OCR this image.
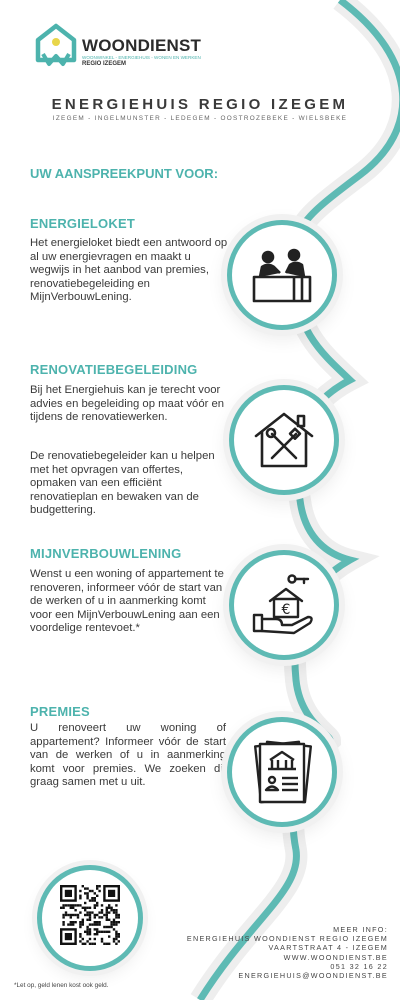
WOONDIENST
WOONWINKEL - ENERGIEHUIS - WONEN EN WERKEN
REGIO IZEGEM
ENERGIEHUIS REGIO IZEGEM
IZEGEM - INGELMUNSTER - LEDEGEM - OOSTROZEBEKE - WIELSBEKE
UW AANSPREEKPUNT VOOR:
ENERGIELOKET
Het energieloket biedt een antwoord op al uw energievragen en maakt u wegwijs in het aanbod van premies, renovatiebegeleiding en MijnVerbouwLening.
RENOVATIEBEGELEIDING
Bij het Energiehuis kan je terecht voor advies en begeleiding op maat vóór en tijdens de renovatiewerken.
De renovatiebegeleider kan u helpen met het opvragen van offertes, opmaken van een efficiënt renovatieplan en bewaken van de budgettering.
MIJNVERBOUWLENING
Wenst u een woning of appartement te renoveren, informeer vóór de start van de werken of u in aanmerking komt voor een MijnVerbouwLening aan een voordelige rentevoet.*
€
PREMIES
U renoveert uw woning of appartement? Informeer vóór de start van de werken of u in aanmerking komt voor premies. We zoeken dit graag samen met u uit.
*Let op, geld lenen kost ook geld.
MEER INFO:
ENERGIEHUIS WOONDIENST REGIO IZEGEM
VAARTSTRAAT 4 - IZEGEM
WWW.WOONDIENST.BE
051 32 16 22
ENERGIEHUIS@WOONDIENST.BE
